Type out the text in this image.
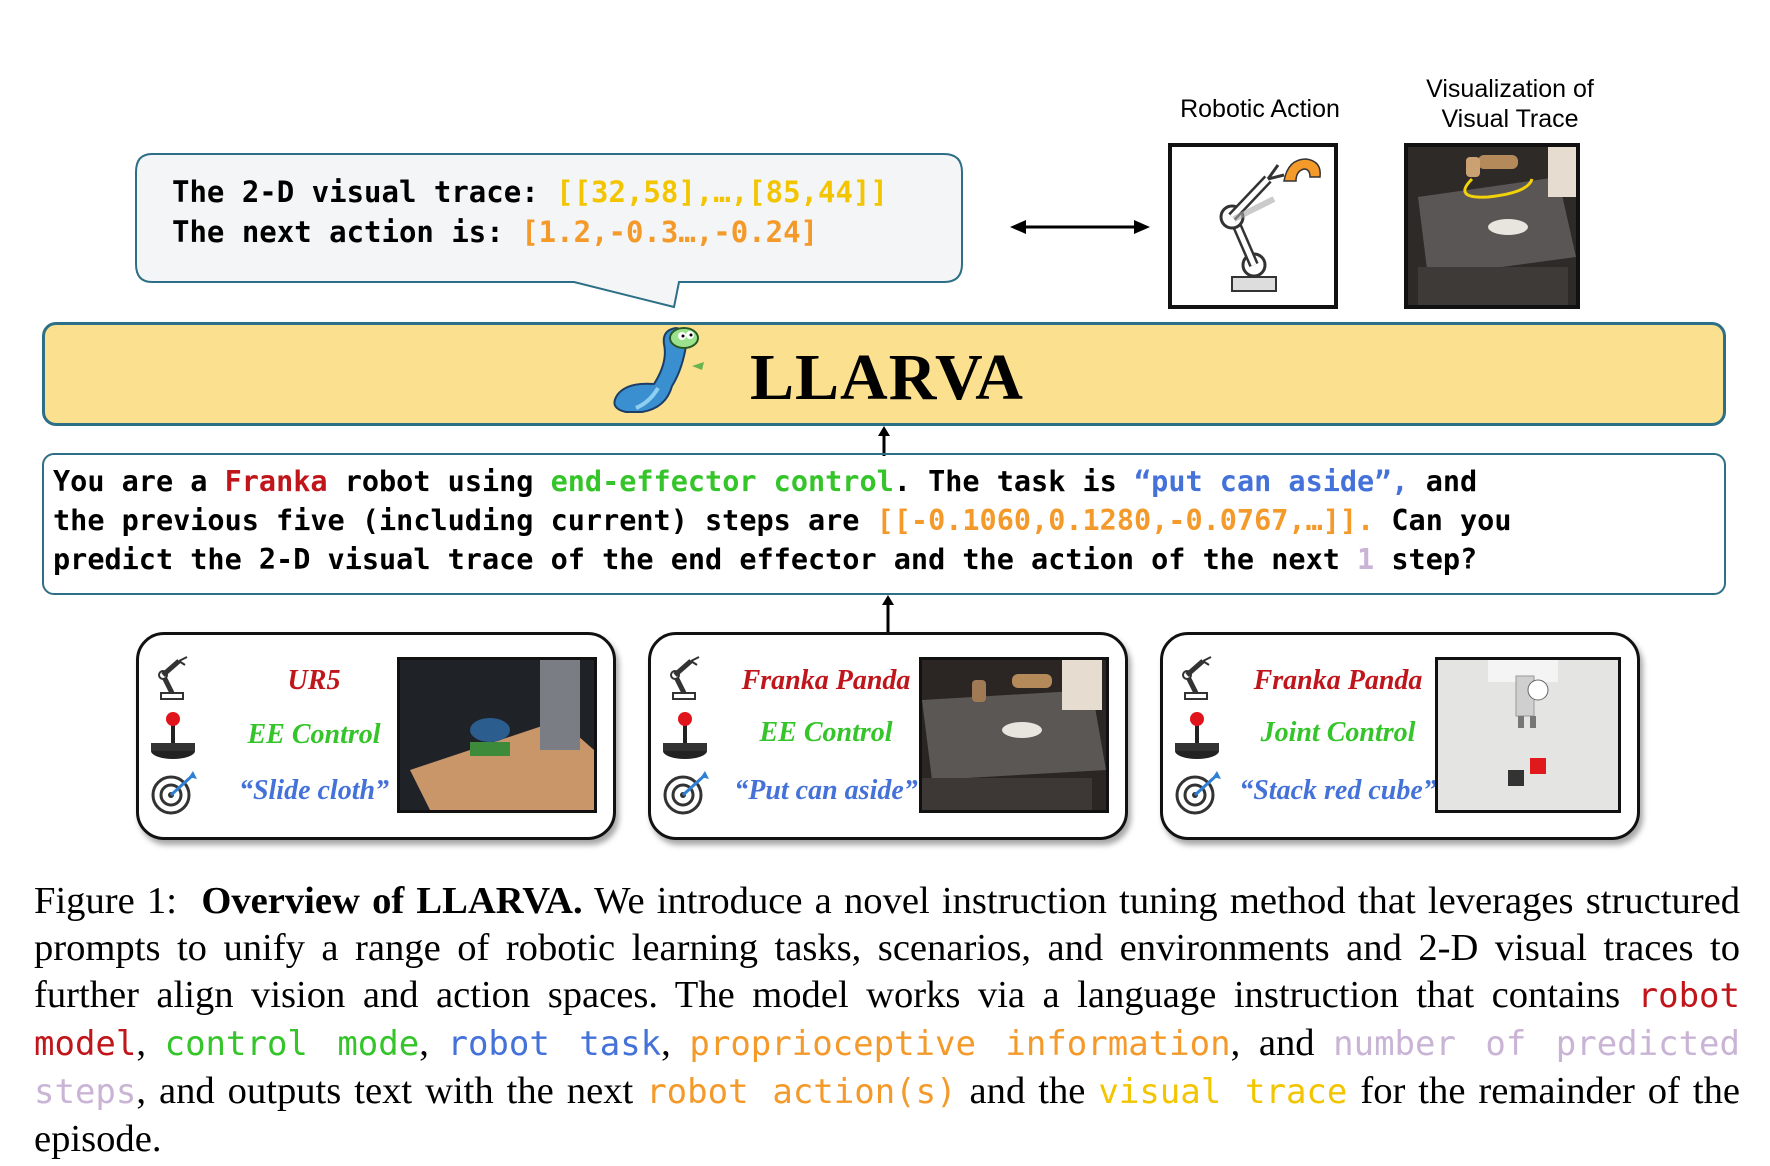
The 2-D visual trace: [[32,58],…,[85,44]]
The next action is: [1.2,-0.3…,-0.24]
Robotic Action
Visualization of
Visual Trace
LLARVA
You are a Franka robot using end-effector control. The task is “put can aside”, and
the previous five (including current) steps are [[-0.1060,0.1280,-0.0767,…]]. Can you
predict the 2-D visual trace of the end effector and the action of the next 1 step?
UR5
EE Control
“Slide cloth”
Franka Panda
EE Control
“Put can aside”
Franka Panda
Joint Control
“Stack red cube”
Figure 1: Overview of LLARVA. We introduce a novel instruction tuning method that leverages structured prompts to unify a range of robotic learning tasks, scenarios, and environments and 2-D visual traces to further align vision and action spaces. The model works via a language instruction that contains robot model, control mode, robot task, proprioceptive information, and number of predicted steps, and outputs text with the next robot action(s) and the visual trace for the remainder of the episode.
